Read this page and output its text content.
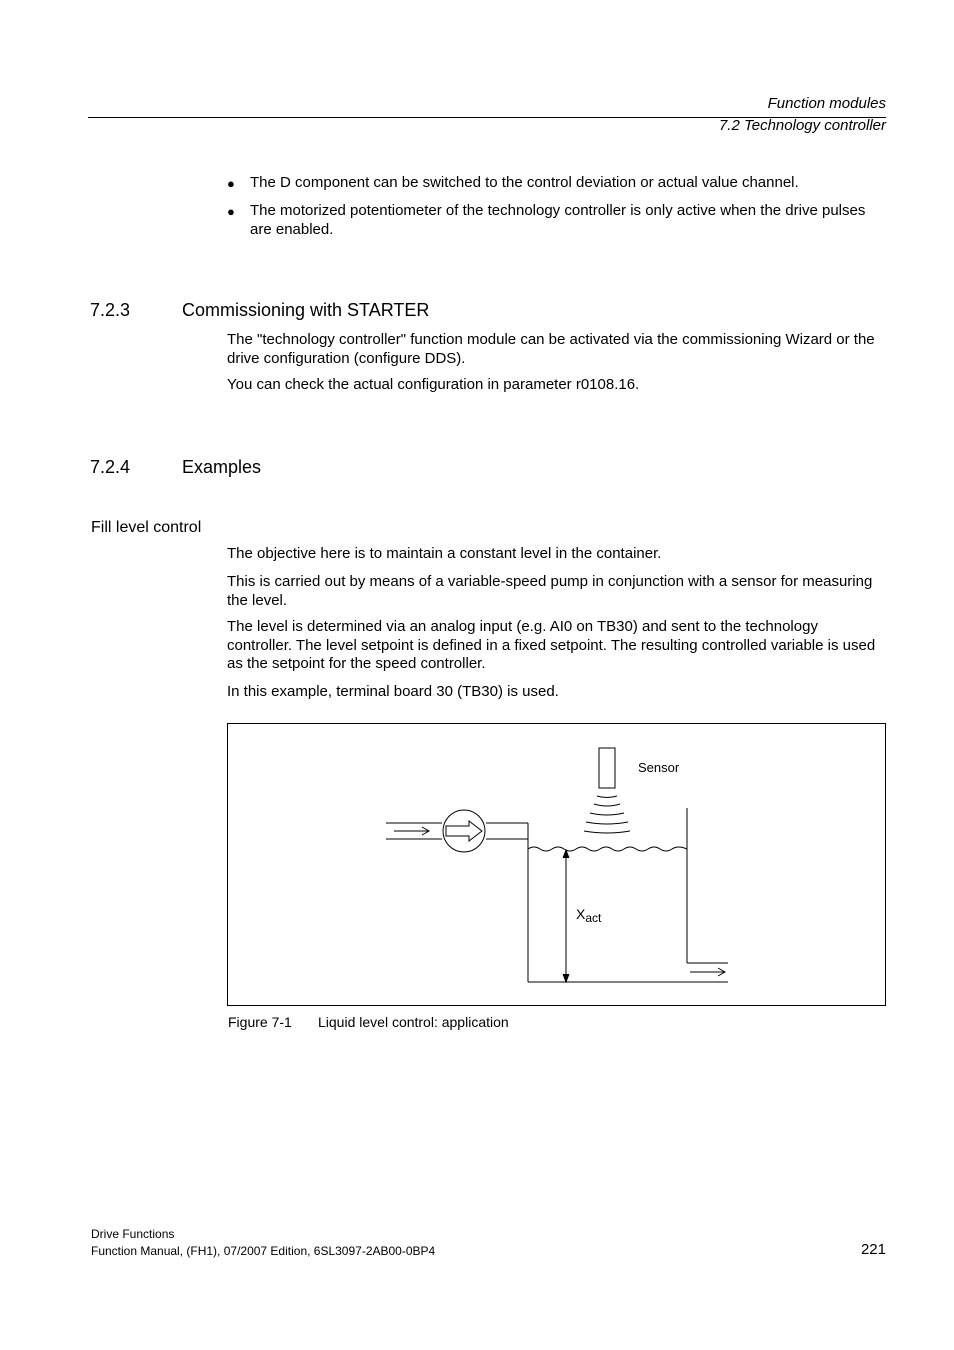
Function modules
7.2 Technology controller
● The D component can be switched to the control deviation or actual value channel.
● The motorized potentiometer of the technology controller is only active when the drive pulses are enabled.
7.2.3	Commissioning with STARTER
The "technology controller" function module can be activated via the commissioning Wizard or the drive configuration (configure DDS).
You can check the actual configuration in parameter r0108.16.
7.2.4	Examples
Fill level control
The objective here is to maintain a constant level in the container.
This is carried out by means of a variable-speed pump in conjunction with a sensor for measuring the level.
The level is determined via an analog input (e.g. AI0 on TB30) and sent to the technology controller. The level setpoint is defined in a fixed setpoint. The resulting controlled variable is used as the setpoint for the speed controller.
In this example, terminal board 30 (TB30) is used.
Sensor
Xact
Figure 7-1 Liquid level control: application
Drive Functions
Function Manual, (FH1), 07/2007 Edition, 6SL3097-2AB00-0BP4	221
